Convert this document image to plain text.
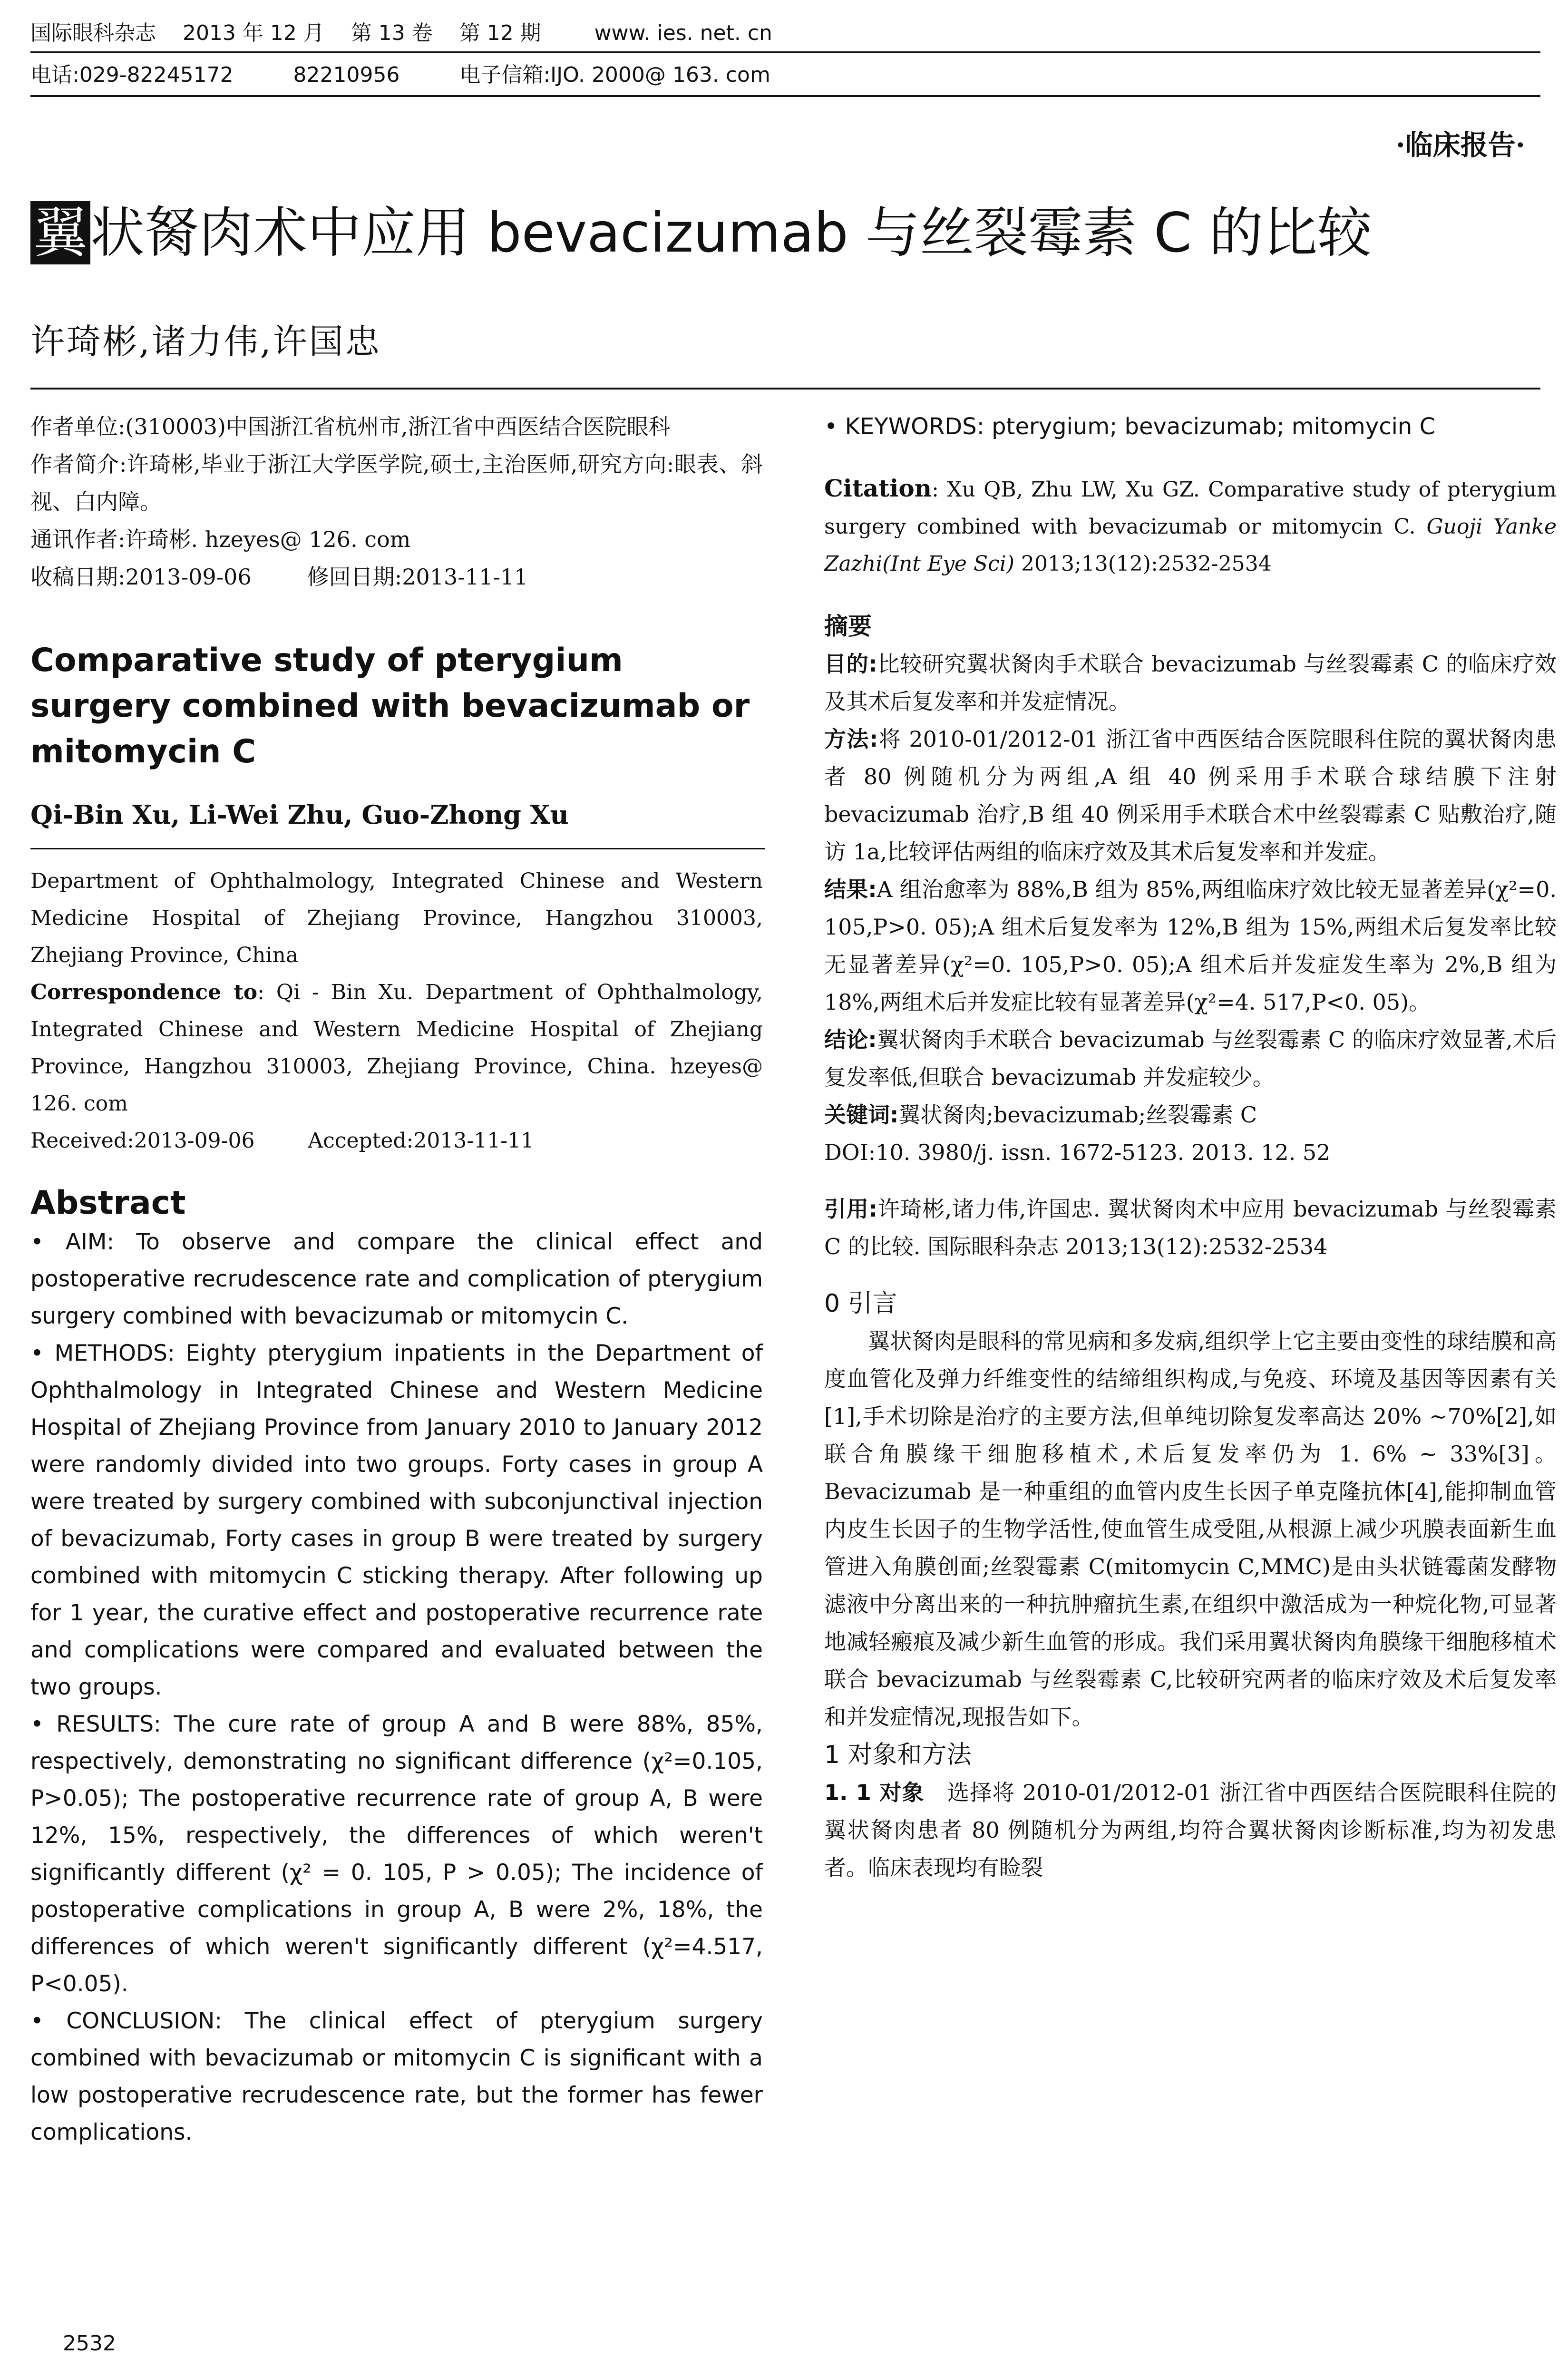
国际眼科杂志    2013 年 12 月    第 13 卷    第 12 期        www. ies. net. cn
电话:029-82245172         82210956         电子信箱:IJO. 2000@ 163. com
·临床报告·
翼状胬肉术中应用 bevacizumab 与丝裂霉素 C 的比较
许琦彬,诸力伟,许国忠

作者单位:(310003)中国浙江省杭州市,浙江省中西医结合医院眼科

作者简介:许琦彬,毕业于浙江大学医学院,硕士,主治医师,研究方向:眼表、斜视、白内障。

通讯作者:许琦彬. hzeyes@ 126. com

收稿日期:2013-09-06        修回日期:2013-11-11

Comparative study of pterygium surgery combined with bevacizumab or mitomycin C

Qi-Bin Xu, Li-Wei Zhu, Guo-Zhong Xu

Department of Ophthalmology, Integrated Chinese and Western Medicine Hospital of Zhejiang Province, Hangzhou 310003, Zhejiang Province, China

Correspondence to: Qi - Bin Xu. Department of Ophthalmology, Integrated Chinese and Western Medicine Hospital of Zhejiang Province, Hangzhou 310003, Zhejiang Province, China. hzeyes@ 126. com

Received:2013-09-06        Accepted:2013-11-11

Abstract

• AIM: To observe and compare the clinical effect and postoperative recrudescence rate and complication of pterygium surgery combined with bevacizumab or mitomycin C.

• METHODS: Eighty pterygium inpatients in the Department of Ophthalmology in Integrated Chinese and Western Medicine Hospital of Zhejiang Province from January 2010 to January 2012 were randomly divided into two groups. Forty cases in group A were treated by surgery combined with subconjunctival injection of bevacizumab, Forty cases in group B were treated by surgery combined with mitomycin C sticking therapy. After following up for 1 year, the curative effect and postoperative recurrence rate and complications were compared and evaluated between the two groups.

• RESULTS: The cure rate of group A and B were 88%, 85%, respectively, demonstrating no significant difference (χ²=0.105, P>0.05); The postoperative recurrence rate of group A, B were 12%, 15%, respectively, the differences of which weren't significantly different (χ² = 0. 105, P > 0.05); The incidence of postoperative complications in group A, B were 2%, 18%, the differences of which weren't significantly different (χ²=4.517, P<0.05).

• CONCLUSION: The clinical effect of pterygium surgery combined with bevacizumab or mitomycin C is significant with a low postoperative recrudescence rate, but the former has fewer complications.

• KEYWORDS: pterygium; bevacizumab; mitomycin C

Citation: Xu QB, Zhu LW, Xu GZ. Comparative study of pterygium surgery combined with bevacizumab or mitomycin C. Guoji Yanke Zazhi(Int Eye Sci) 2013;13(12):2532-2534

摘要

目的:比较研究翼状胬肉手术联合 bevacizumab 与丝裂霉素 C 的临床疗效及其术后复发率和并发症情况。

方法:将 2010-01/2012-01 浙江省中西医结合医院眼科住院的翼状胬肉患者 80 例随机分为两组,A 组 40 例采用手术联合球结膜下注射 bevacizumab 治疗,B 组 40 例采用手术联合术中丝裂霉素 C 贴敷治疗,随访 1a,比较评估两组的临床疗效及其术后复发率和并发症。

结果:A 组治愈率为 88%,B 组为 85%,两组临床疗效比较无显著差异(χ²=0. 105,P>0. 05);A 组术后复发率为 12%,B 组为 15%,两组术后复发率比较无显著差异(χ²=0. 105,P>0. 05);A 组术后并发症发生率为 2%,B 组为 18%,两组术后并发症比较有显著差异(χ²=4. 517,P<0. 05)。

结论:翼状胬肉手术联合 bevacizumab 与丝裂霉素 C 的临床疗效显著,术后复发率低,但联合 bevacizumab 并发症较少。

关键词:翼状胬肉;bevacizumab;丝裂霉素 C

DOI:10. 3980/j. issn. 1672-5123. 2013. 12. 52

引用:许琦彬,诸力伟,许国忠. 翼状胬肉术中应用 bevacizumab 与丝裂霉素 C 的比较. 国际眼科杂志 2013;13(12):2532-2534

0 引言

翼状胬肉是眼科的常见病和多发病,组织学上它主要由变性的球结膜和高度血管化及弹力纤维变性的结缔组织构成,与免疫、环境及基因等因素有关[1],手术切除是治疗的主要方法,但单纯切除复发率高达 20% ~70%[2],如联合角膜缘干细胞移植术,术后复发率仍为 1. 6% ~ 33%[3]。Bevacizumab 是一种重组的血管内皮生长因子单克隆抗体[4],能抑制血管内皮生长因子的生物学活性,使血管生成受阻,从根源上减少巩膜表面新生血管进入角膜创面;丝裂霉素 C(mitomycin C,MMC)是由头状链霉菌发酵物滤液中分离出来的一种抗肿瘤抗生素,在组织中激活成为一种烷化物,可显著地减轻瘢痕及减少新生血管的形成。我们采用翼状胬肉角膜缘干细胞移植术联合 bevacizumab 与丝裂霉素 C,比较研究两者的临床疗效及术后复发率和并发症情况,现报告如下。

1 对象和方法

1. 1 对象 选择将 2010-01/2012-01 浙江省中西医结合医院眼科住院的翼状胬肉患者 80 例随机分为两组,均符合翼状胬肉诊断标准,均为初发患者。临床表现均有睑裂

2532
